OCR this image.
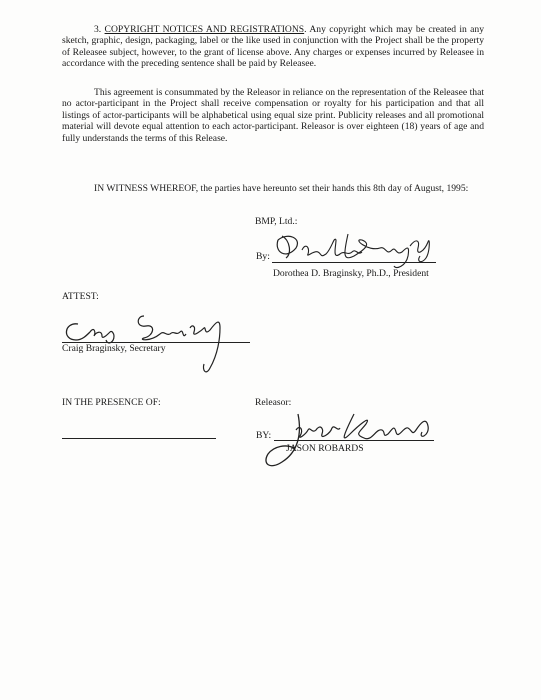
3. COPYRIGHT NOTICES AND REGISTRATIONS. Any copyright which may be created in any sketch, graphic, design, packaging, label or the like used in conjunction with the Project shall be the property of Releasee subject, however, to the grant of license above. Any charges or expenses incurred by Releasee in accordance with the preceding sentence shall be paid by Releasee.
This agreement is consummated by the Releasor in reliance on the representation of the Releasee that no actor-participant in the Project shall receive compensation or royalty for his participation and that all listings of actor-participants will be alphabetical using equal size print. Publicity releases and all promotional material will devote equal attention to each actor-participant. Releasor is over eighteen (18) years of age and fully understands the terms of this Release.
IN WITNESS WHEREOF, the parties have hereunto set their hands this 8th day of August, 1995:
BMP, Ltd.:
By:
Dorothea D. Braginsky, Ph.D., President
ATTEST:
Craig Braginsky, Secretary
IN THE PRESENCE OF:	Releasor:
BY:
JASON ROBARDS
